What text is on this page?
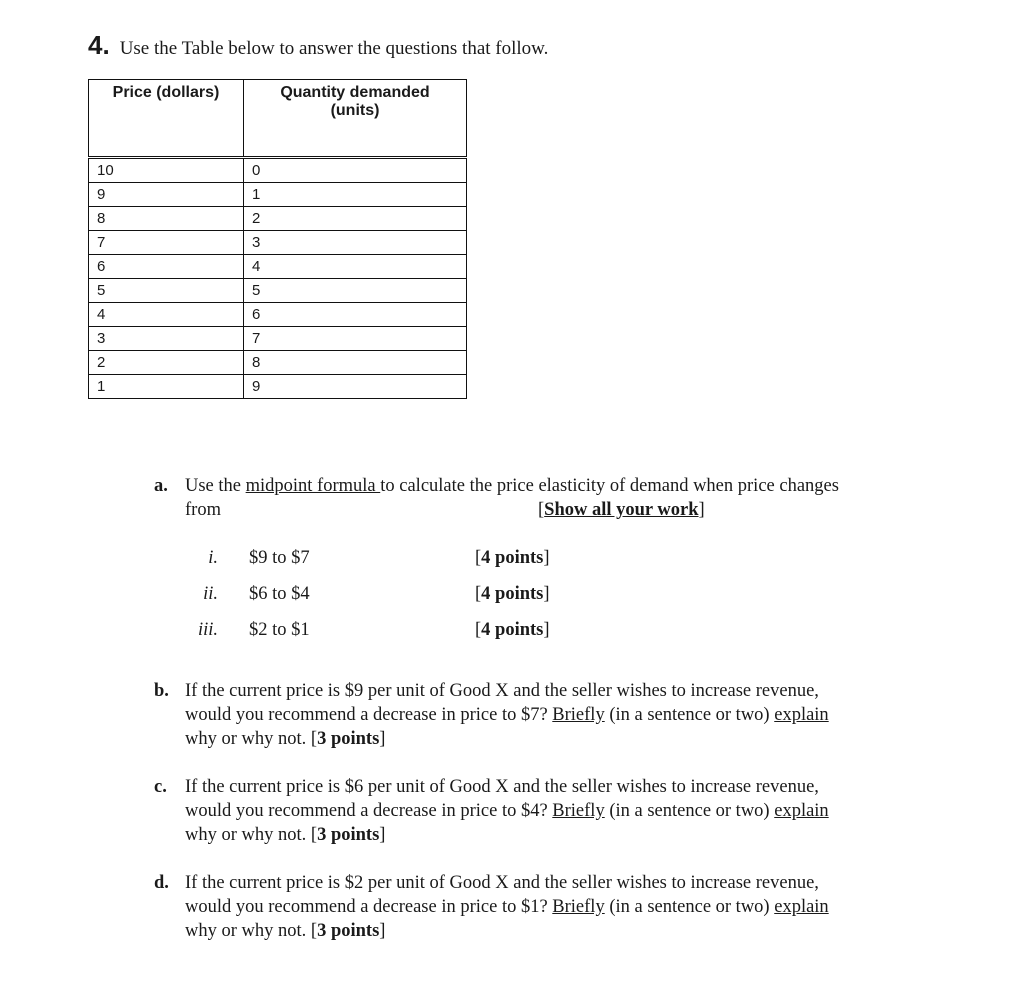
4. Use the Table below to answer the questions that follow.
Price (dollars)	Quantity demanded
(units)
10	0
9	1
8	2
7	3
6	4
5	5
4	6
3	7
2	8
1	9
a. Use the midpoint formula to calculate the price elasticity of demand when price changes
from	[Show all your work]
i. $9 to $7	[4 points]
ii. $6 to $4	[4 points]
iii. $2 to $1	[4 points]
b. If the current price is $9 per unit of Good X and the seller wishes to increase revenue,
would you recommend a decrease in price to $7? Briefly (in a sentence or two) explain
why or why not. [3 points]
c. If the current price is $6 per unit of Good X and the seller wishes to increase revenue,
would you recommend a decrease in price to $4? Briefly (in a sentence or two) explain
why or why not. [3 points]
d. If the current price is $2 per unit of Good X and the seller wishes to increase revenue,
would you recommend a decrease in price to $1? Briefly (in a sentence or two) explain
why or why not. [3 points]
